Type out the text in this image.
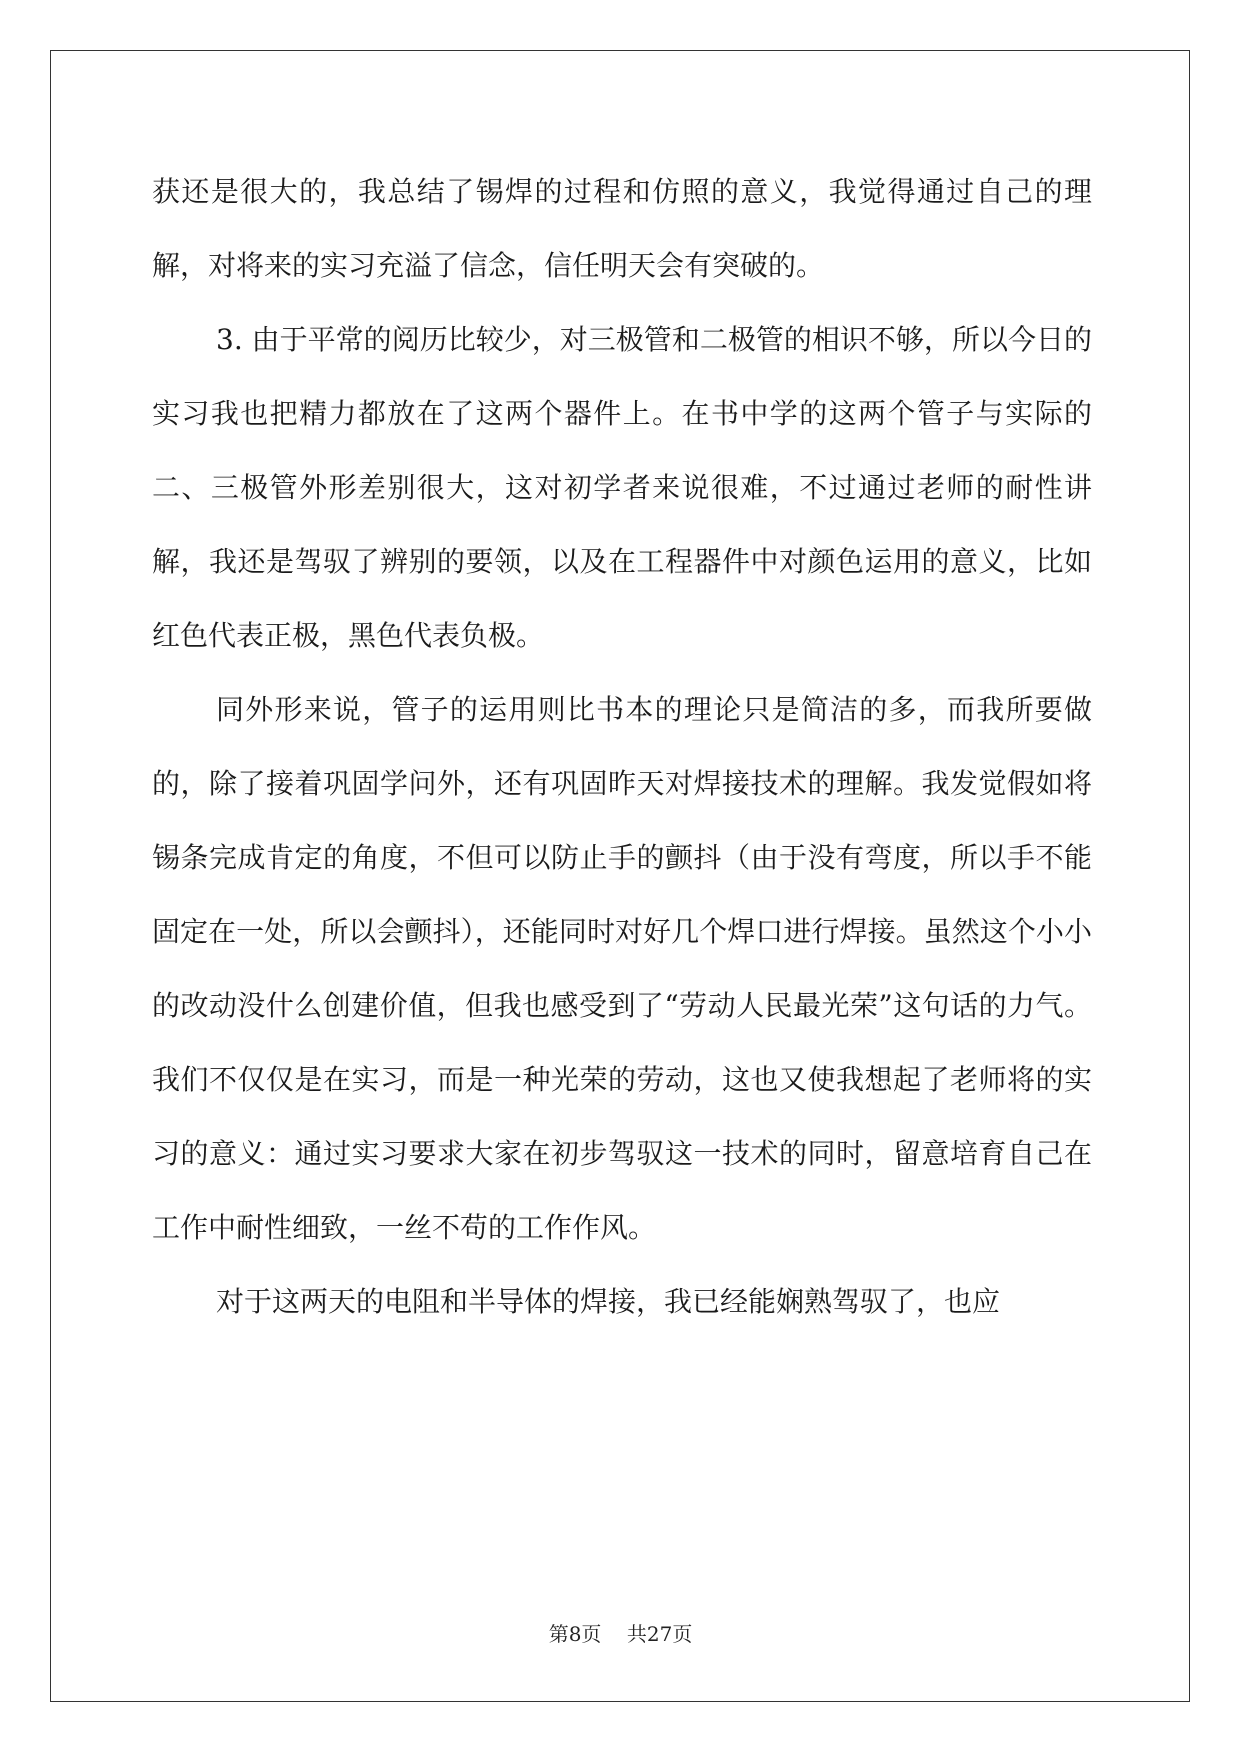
获还是很大的，我总结了锡焊的过程和仿照的意义，我觉得通过自己的理解，对将来的实习充溢了信念，信任明天会有突破的。

3. 由于平常的阅历比较少，对三极管和二极管的相识不够，所以今日的实习我也把精力都放在了这两个器件上。在书中学的这两个管子与实际的二、三极管外形差别很大，这对初学者来说很难，不过通过老师的耐性讲解，我还是驾驭了辨别的要领，以及在工程器件中对颜色运用的意义，比如红色代表正极，黑色代表负极。

同外形来说，管子的运用则比书本的理论只是简洁的多，而我所要做的，除了接着巩固学问外，还有巩固昨天对焊接技术的理解。我发觉假如将锡条完成肯定的角度，不但可以防止手的颤抖（由于没有弯度，所以手不能固定在一处，所以会颤抖），还能同时对好几个焊口进行焊接。虽然这个小小的改动没什么创建价值，但我也感受到了“劳动人民最光荣”这句话的力气。我们不仅仅是在实习，而是一种光荣的劳动，这也又使我想起了老师将的实习的意义：通过实习要求大家在初步驾驭这一技术的同时，留意培育自己在工作中耐性细致，一丝不苟的工作作风。

对于这两天的电阻和半导体的焊接，我已经能娴熟驾驭了，也应

第8页 共27页
